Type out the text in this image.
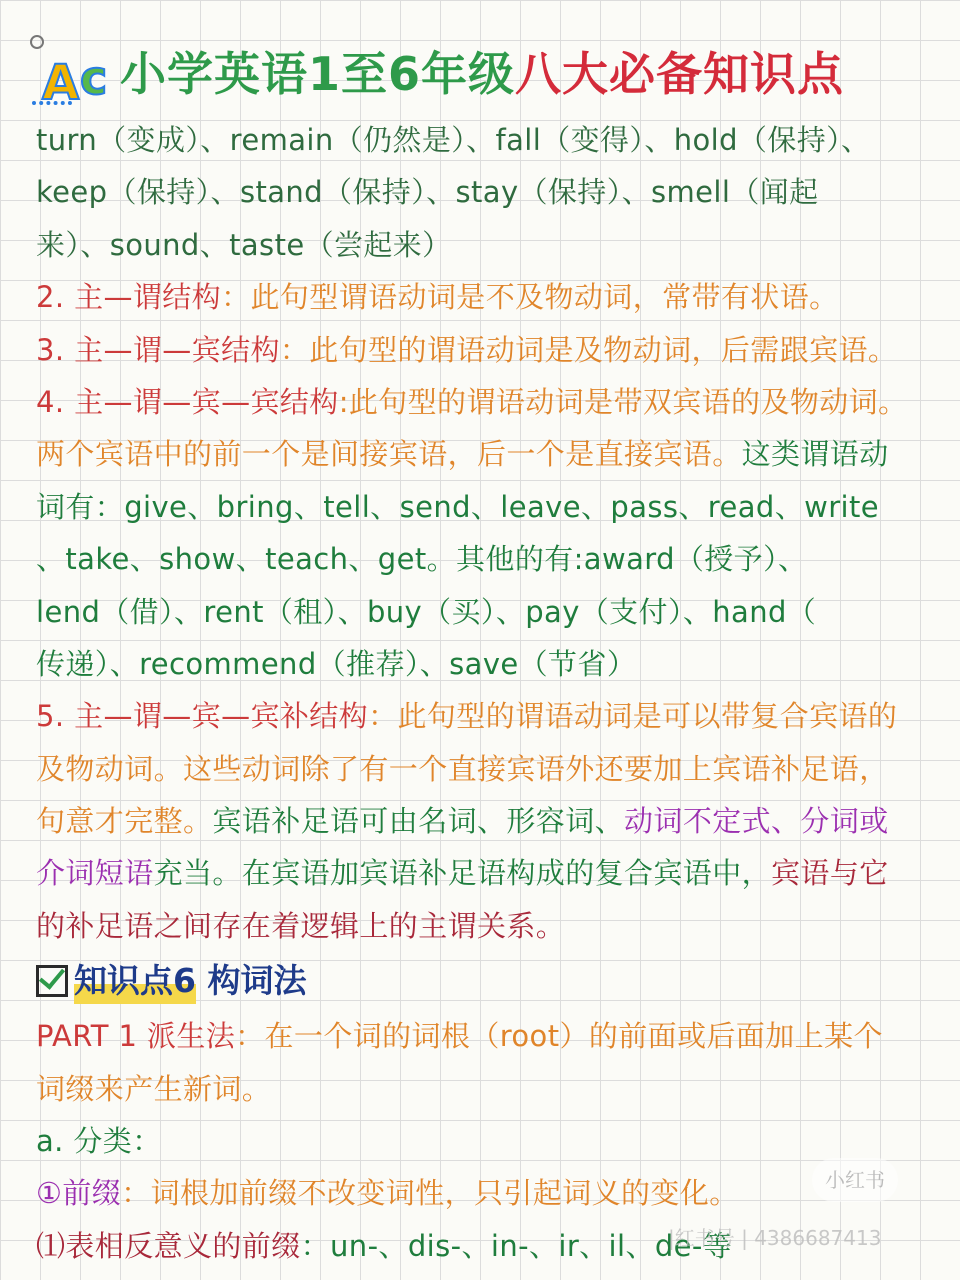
A c 小学英语1至6年级八大必备知识点
turn（变成）、remain（仍然是）、fall（变得）、hold（保持）、
keep（保持）、stand（保持）、stay（保持）、smell（闻起
来）、sound、taste（尝起来）
2. 主—谓结构：此句型谓语动词是不及物动词，常带有状语。
3. 主—谓—宾结构：此句型的谓语动词是及物动词，后需跟宾语。
4. 主—谓—宾—宾结构:此句型的谓语动词是带双宾语的及物动词。
两个宾语中的前一个是间接宾语，后一个是直接宾语。这类谓语动
词有：give、bring、tell、send、leave、pass、read、write
、take、show、teach、get。其他的有:award（授予）、
lend（借）、rent（租）、buy（买）、pay（支付）、hand（
传递）、recommend（推荐）、save（节省）
5. 主—谓—宾—宾补结构：此句型的谓语动词是可以带复合宾语的
及物动词。这些动词除了有一个直接宾语外还要加上宾语补足语，
句意才完整。宾语补足语可由名词、形容词、动词不定式、分词或
介词短语充当。在宾语加宾语补足语构成的复合宾语中，宾语与它
的补足语之间存在着逻辑上的主谓关系。
知识点6 构词法
PART 1 派生法：在一个词的词根（root）的前面或后面加上某个
词缀来产生新词。
a. 分类：
①前缀：词根加前缀不改变词性，只引起词义的变化。
⑴表相反意义的前缀：un-、dis-、in-、ir、il、de-等
小红书
|红书号 | 4386687413
